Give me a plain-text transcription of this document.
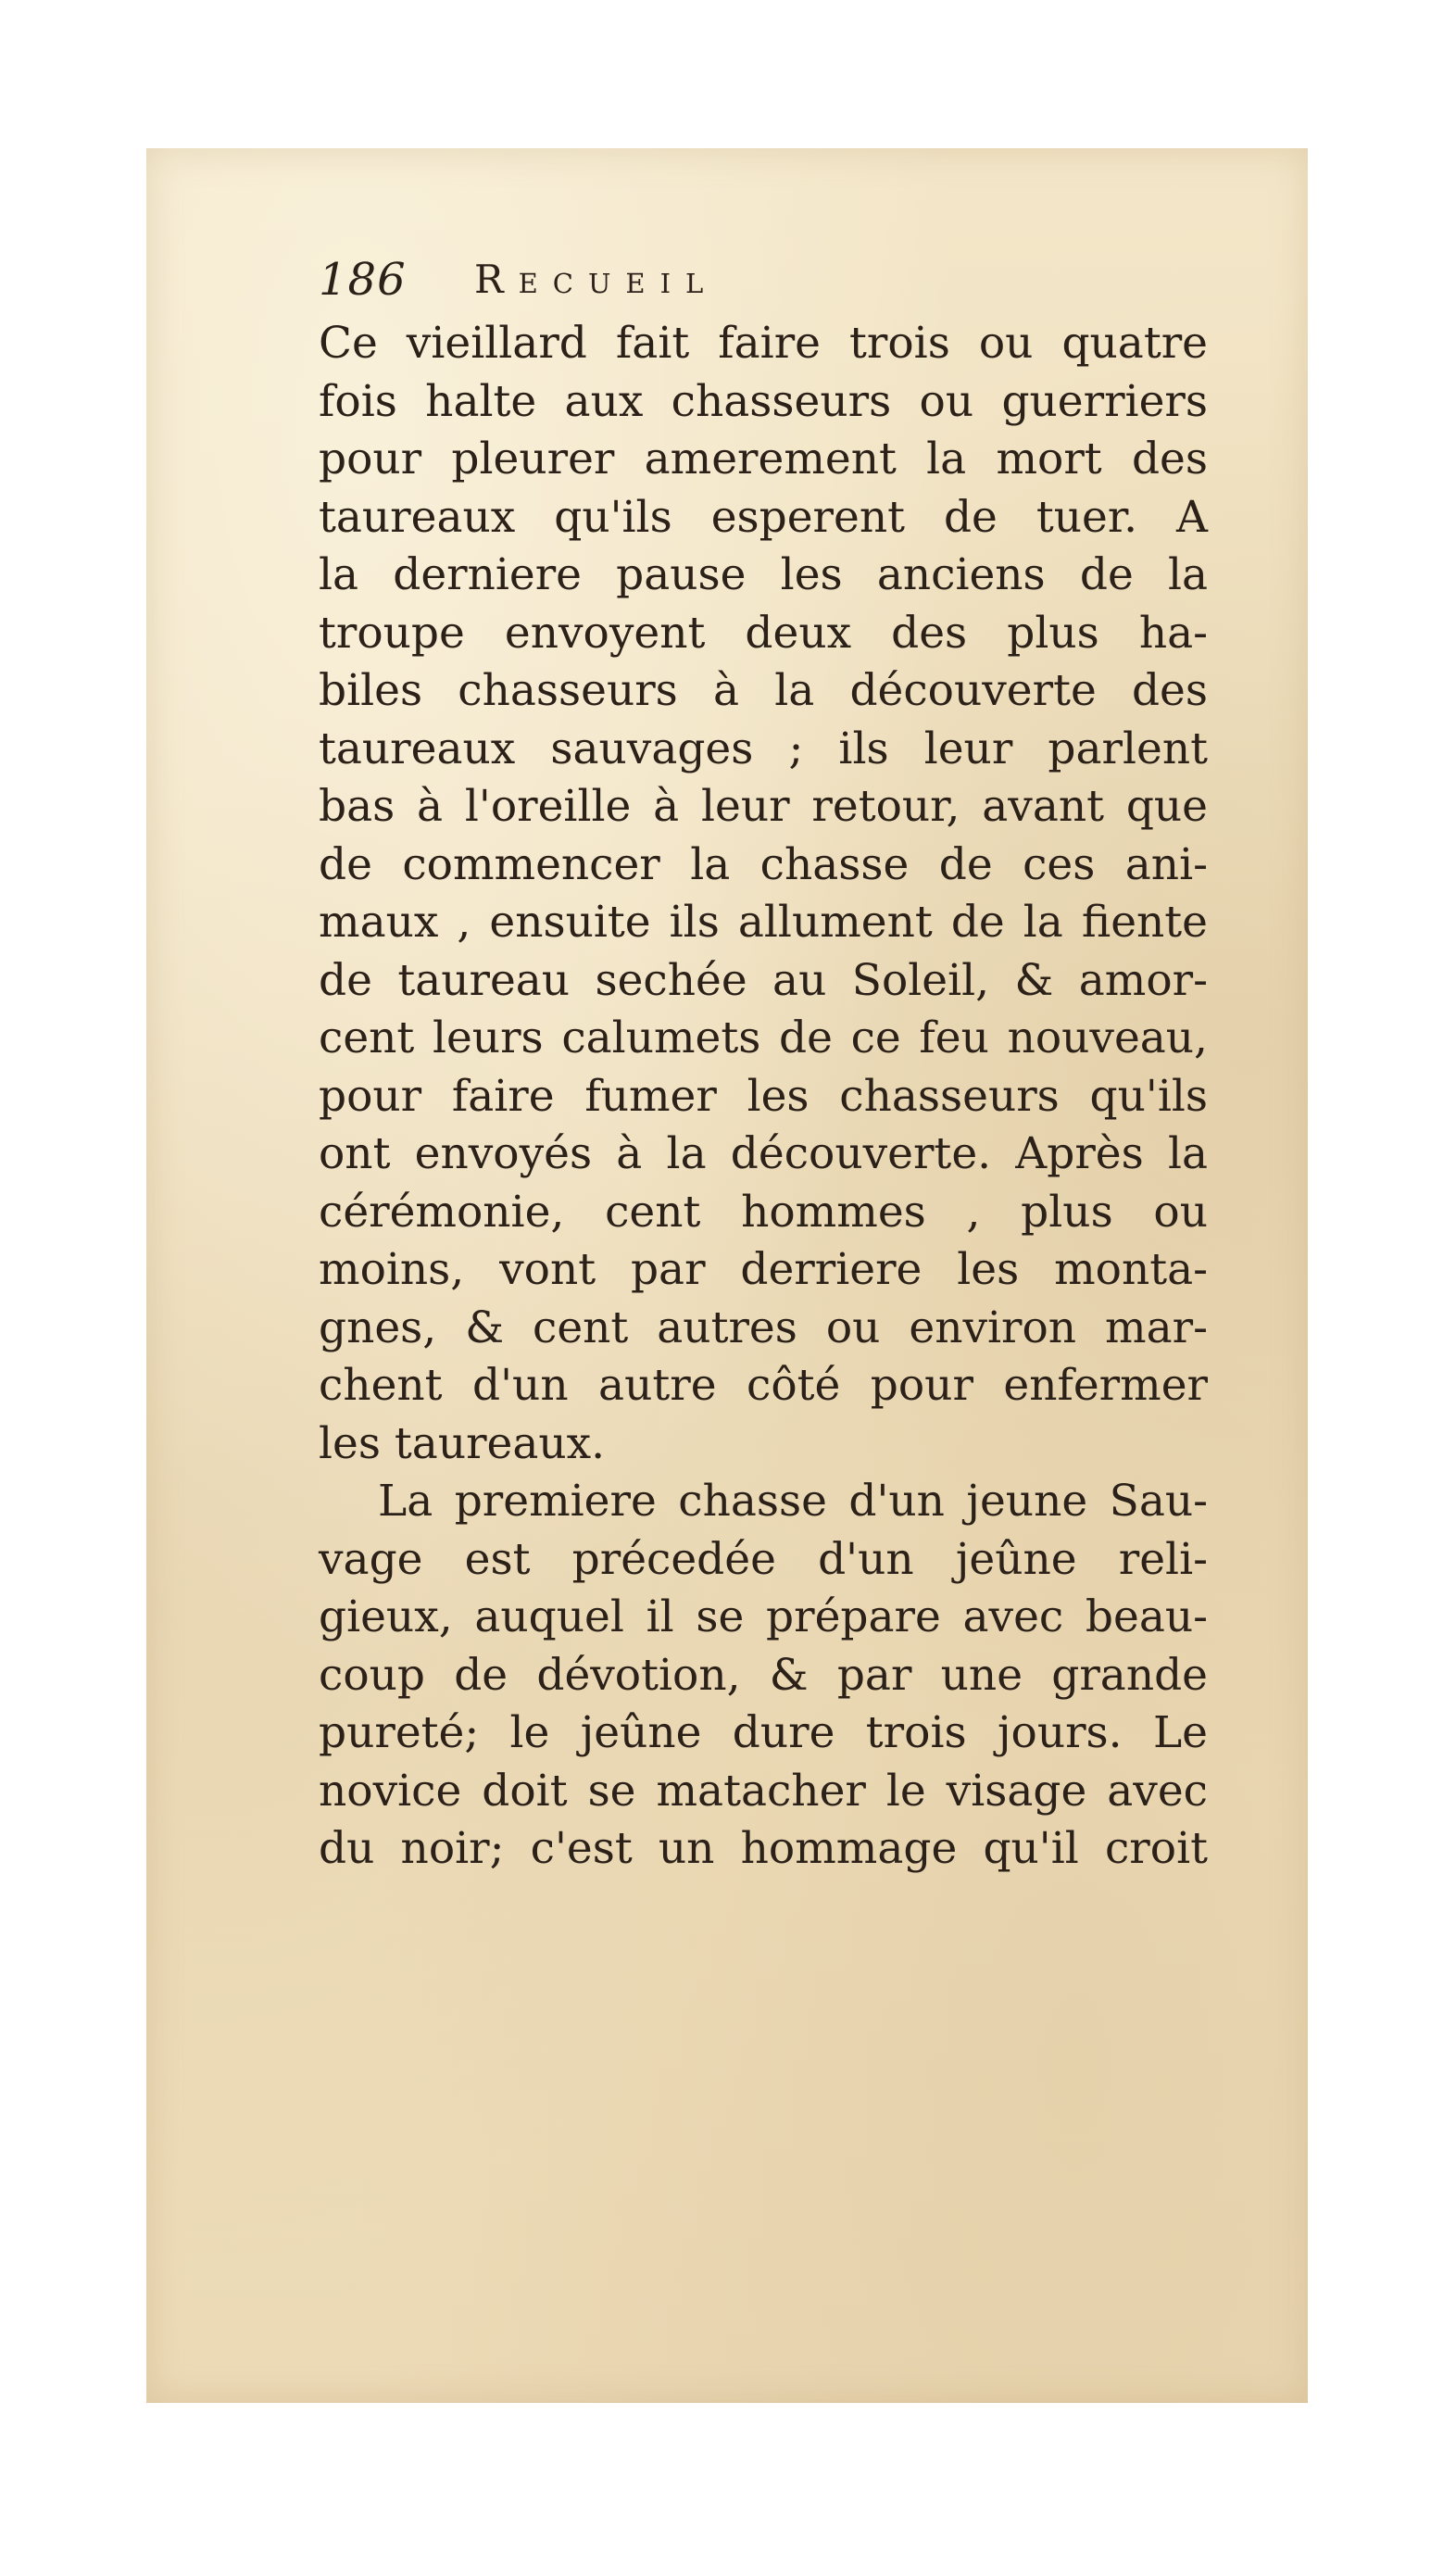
186 Recueil
Ce vieillard fait faire trois ou quatre
fois halte aux chasseurs ou guerriers
pour pleurer amerement la mort des
taureaux qu'ils esperent de tuer. A
la derniere pause les anciens de la
troupe envoyent deux des plus ha-
biles chasseurs à la découverte des
taureaux sauvages ; ils leur parlent
bas à l'oreille à leur retour, avant que
de commencer la chasse de ces ani-
maux , ensuite ils allument de la fiente
de taureau sechée au Soleil, & amor-
cent leurs calumets de ce feu nouveau,
pour faire fumer les chasseurs qu'ils
ont envoyés à la découverte. Après la
cérémonie, cent hommes , plus ou
moins, vont par derriere les monta-
gnes, & cent autres ou environ mar-
chent d'un autre côté pour enfermer
les taureaux.
La premiere chasse d'un jeune Sau-
vage est précedée d'un jeûne reli-
gieux, auquel il se prépare avec beau-
coup de dévotion, & par une grande
pureté; le jeûne dure trois jours. Le
novice doit se matacher le visage avec
du noir; c'est un hommage qu'il croit
